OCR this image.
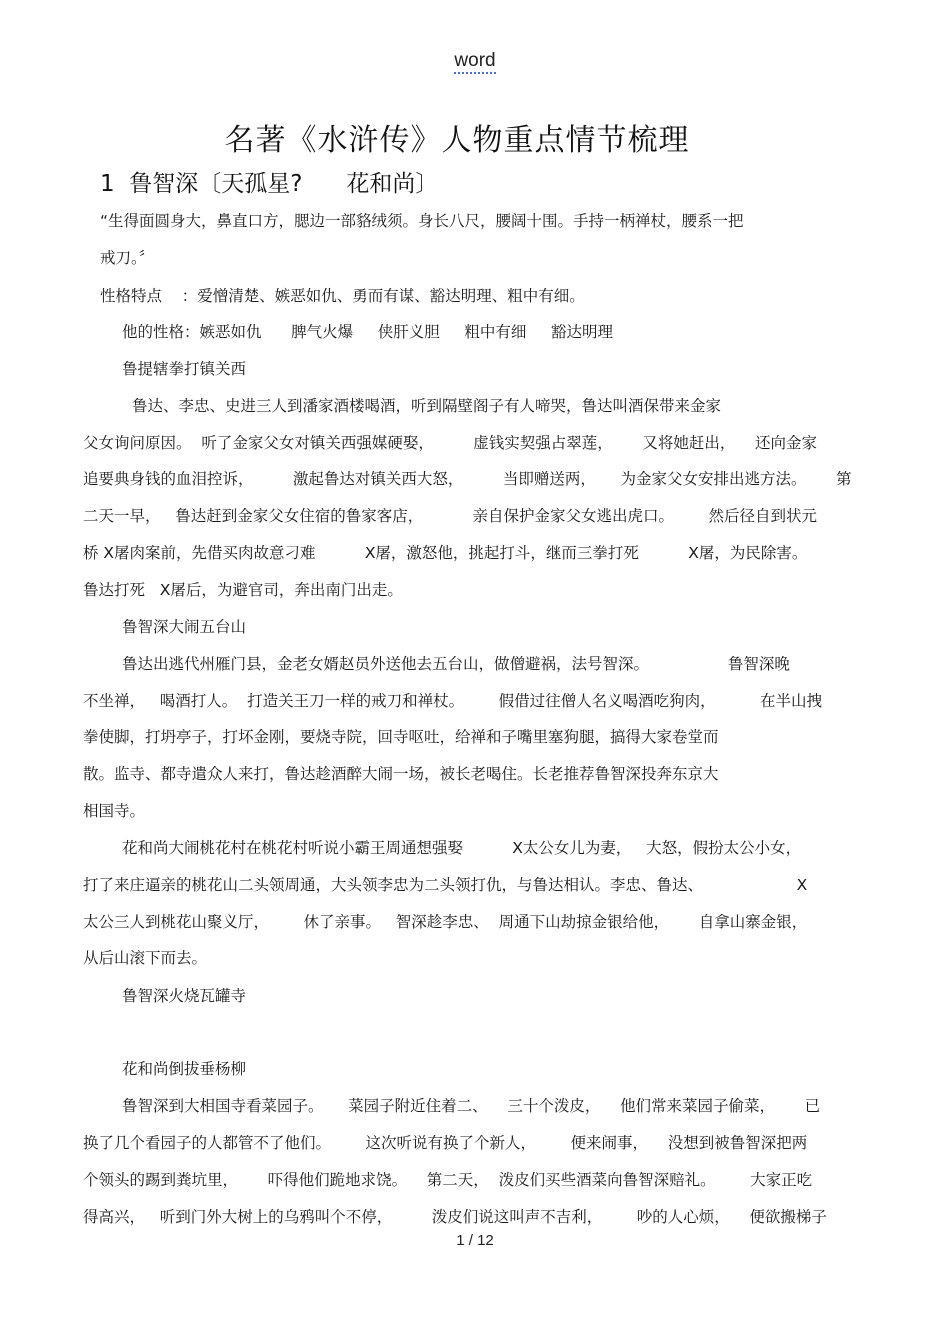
word
名著《水浒传》人物重点情节梳理
1  鲁智深〔天孤星?      花和尚〕
“生得面圆身大，鼻直口方，腮边一部貉绒须。身长八尺，腰阔十围。手持一柄禅杖，腰系一把
戒刀。〞
性格特点    ：爱憎清楚、嫉恶如仇、勇而有谋、豁达明理、粗中有细。
他的性格：嫉恶如仇      脾气火爆     侠肝义胆     粗中有细     豁达明理
鲁提辖拳打镇关西
鲁达、李忠、史进三人到潘家酒楼喝酒，听到隔壁阁子有人啼哭，鲁达叫酒保带来金家
父女询问原因。  听了金家父女对镇关西强媒硬娶，        虚钱实契强占翠莲，      又将她赶出，    还向金家
追要典身钱的血泪控诉，        激起鲁达对镇关西大怒，        当即赠送两，     为金家父女安排出逃方法。      第
二天一早，   鲁达赶到金家父女住宿的鲁家客店，          亲自保护金家父女逃出虎口。       然后径自到状元
桥 X屠肉案前，先借买肉故意刁难          X屠，激怒他，挑起打斗，继而三拳打死          X屠，为民除害。
鲁达打死   X屠后，为避官司，奔出南门出走。
鲁智深大闹五台山
鲁达出逃代州雁门县，金老女婿赵员外送他去五台山，做僧避祸，法号智深。                鲁智深晚
不坐禅，   喝酒打人。  打造关王刀一样的戒刀和禅杖。       假借过往僧人名义喝酒吃狗肉，         在半山拽
拳使脚，打坍亭子，打坏金刚，要烧寺院，回寺呕吐，给禅和子嘴里塞狗腿，搞得大家卷堂而
散。监寺、都寺遣众人来打，鲁达趁酒醉大闹一场，被长老喝住。长老推荐鲁智深投奔东京大
相国寺。
花和尚大闹桃花村在桃花村听说小霸王周通想强娶          X太公女儿为妻，   大怒，假扮太公小女，
打了来庄逼亲的桃花山二头领周通，大头领李忠为二头领打仇，与鲁达相认。李忠、鲁达、                   X
太公三人到桃花山聚义厅，       休了亲事。   智深趁李忠、  周通下山劫掠金银给他，      自拿山寨金银，
从后山滚下而去。
鲁智深火烧瓦罐寺
花和尚倒拔垂杨柳
鲁智深到大相国寺看菜园子。     菜园子附近住着二、    三十个泼皮，    他们常来菜园子偷菜，      已
换了几个看园子的人都管不了他们。       这次听说有换了个新人，       便来闹事，    没想到被鲁智深把两
个领头的踢到粪坑里，      吓得他们跪地求饶。    第二天，  泼皮们买些酒菜向鲁智深赔礼。       大家正吃
得高兴，   听到门外大树上的乌鸦叫个不停，        泼皮们说这叫声不吉利，       吵的人心烦，    便欲搬梯子
1 / 12
